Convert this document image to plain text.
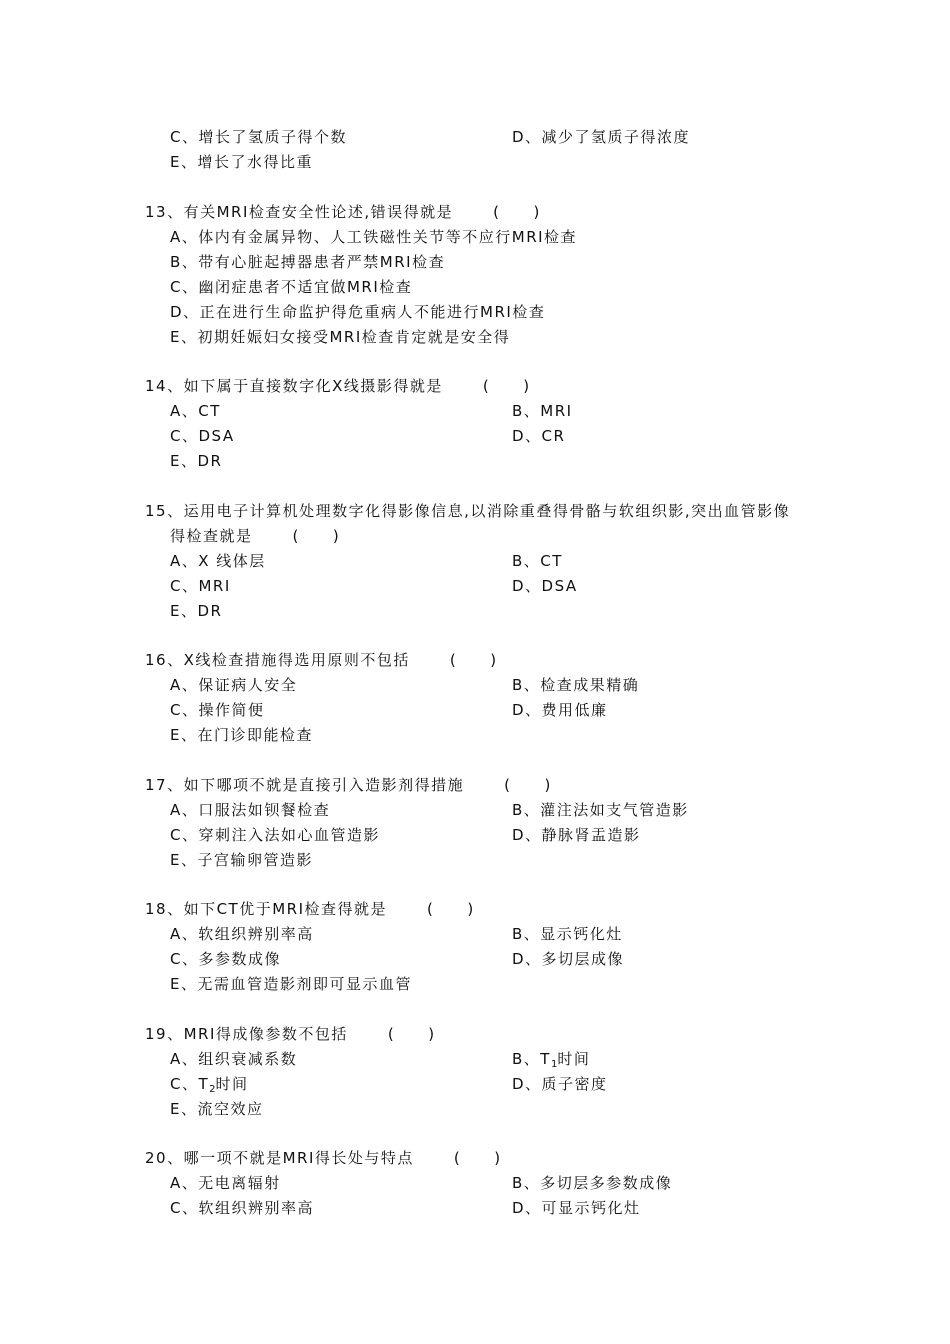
C、增长了氢质子得个数	D、减少了氢质子得浓度
E、增长了水得比重
13、有关MRI检查安全性论述,错误得就是	(　　)
A、体内有金属异物、人工铁磁性关节等不应行MRI检查
B、带有心脏起搏器患者严禁MRI检查
C、幽闭症患者不适宜做MRI检查
D、正在进行生命监护得危重病人不能进行MRI检查
E、初期妊娠妇女接受MRI检查肯定就是安全得
14、如下属于直接数字化X线摄影得就是	(　　)
A、CT	B、MRI
C、DSA	D、CR
E、DR
15、运用电子计算机处理数字化得影像信息,以消除重叠得骨骼与软组织影,突出血管影像
得检查就是	(　　)
A、X 线体层	B、CT
C、MRI	D、DSA
E、DR
16、X线检查措施得选用原则不包括	(　　)
A、保证病人安全	B、检查成果精确
C、操作简便	D、费用低廉
E、在门诊即能检查
17、如下哪项不就是直接引入造影剂得措施	(　　)
A、口服法如钡餐检查	B、灌注法如支气管造影
C、穿刺注入法如心血管造影	D、静脉肾盂造影
E、子宫输卵管造影
18、如下CT优于MRI检查得就是	(　　)
A、软组织辨别率高	B、显示钙化灶
C、多参数成像	D、多切层成像
E、无需血管造影剂即可显示血管
19、MRI得成像参数不包括	(　　)
A、组织衰减系数	B、$T_1$时间
C、$T_2$时间	D、质子密度
E、流空效应
20、哪一项不就是MRI得长处与特点	(　　)
A、无电离辐射	B、多切层多参数成像
C、软组织辨别率高	D、可显示钙化灶
